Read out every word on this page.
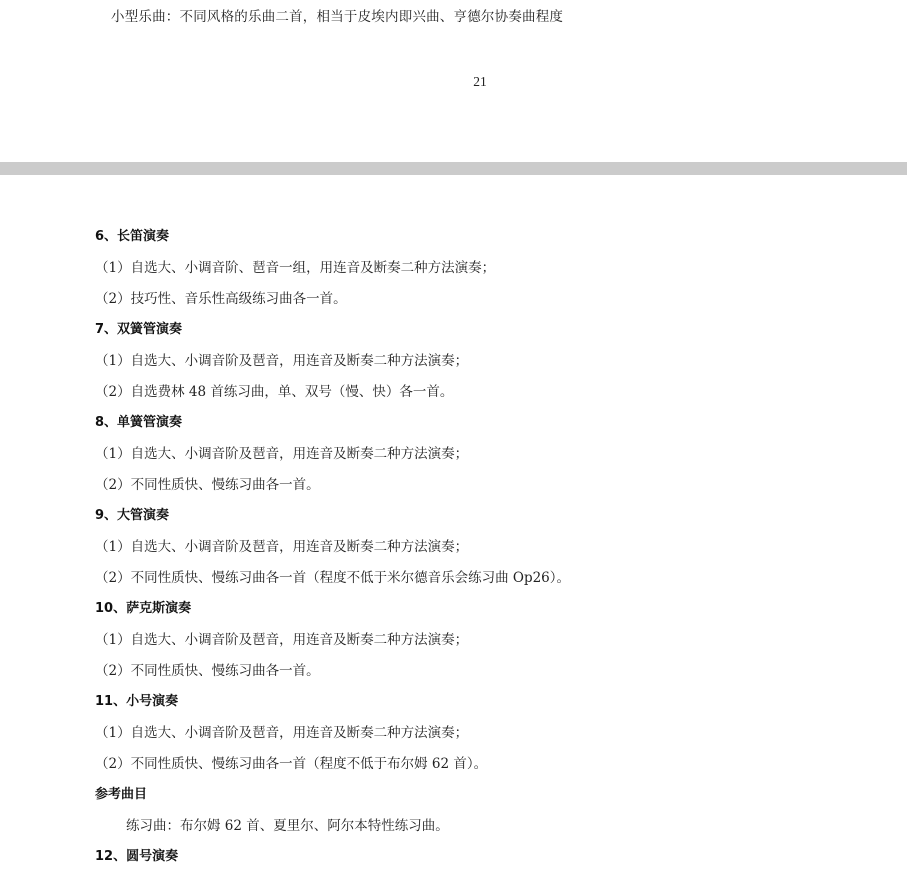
小型乐曲：不同风格的乐曲二首，相当于皮埃内即兴曲、亨德尔协奏曲程度
21
6、长笛演奏
（1）自选大、小调音阶、琶音一组，用连音及断奏二种方法演奏；
（2）技巧性、音乐性高级练习曲各一首。
7、双簧管演奏
（1）自选大、小调音阶及琶音，用连音及断奏二种方法演奏；
（2）自选费林 48 首练习曲，单、双号（慢、快）各一首。
8、单簧管演奏
（1）自选大、小调音阶及琶音，用连音及断奏二种方法演奏；
（2）不同性质快、慢练习曲各一首。
9、大管演奏
（1）自选大、小调音阶及琶音，用连音及断奏二种方法演奏；
（2）不同性质快、慢练习曲各一首（程度不低于米尔德音乐会练习曲 Op26）。
10、萨克斯演奏
（1）自选大、小调音阶及琶音，用连音及断奏二种方法演奏；
（2）不同性质快、慢练习曲各一首。
11、小号演奏
（1）自选大、小调音阶及琶音，用连音及断奏二种方法演奏；
（2）不同性质快、慢练习曲各一首（程度不低于布尔姆 62 首）。
参考曲目
练习曲：布尔姆 62 首、夏里尔、阿尔本特性练习曲。
12、圆号演奏
